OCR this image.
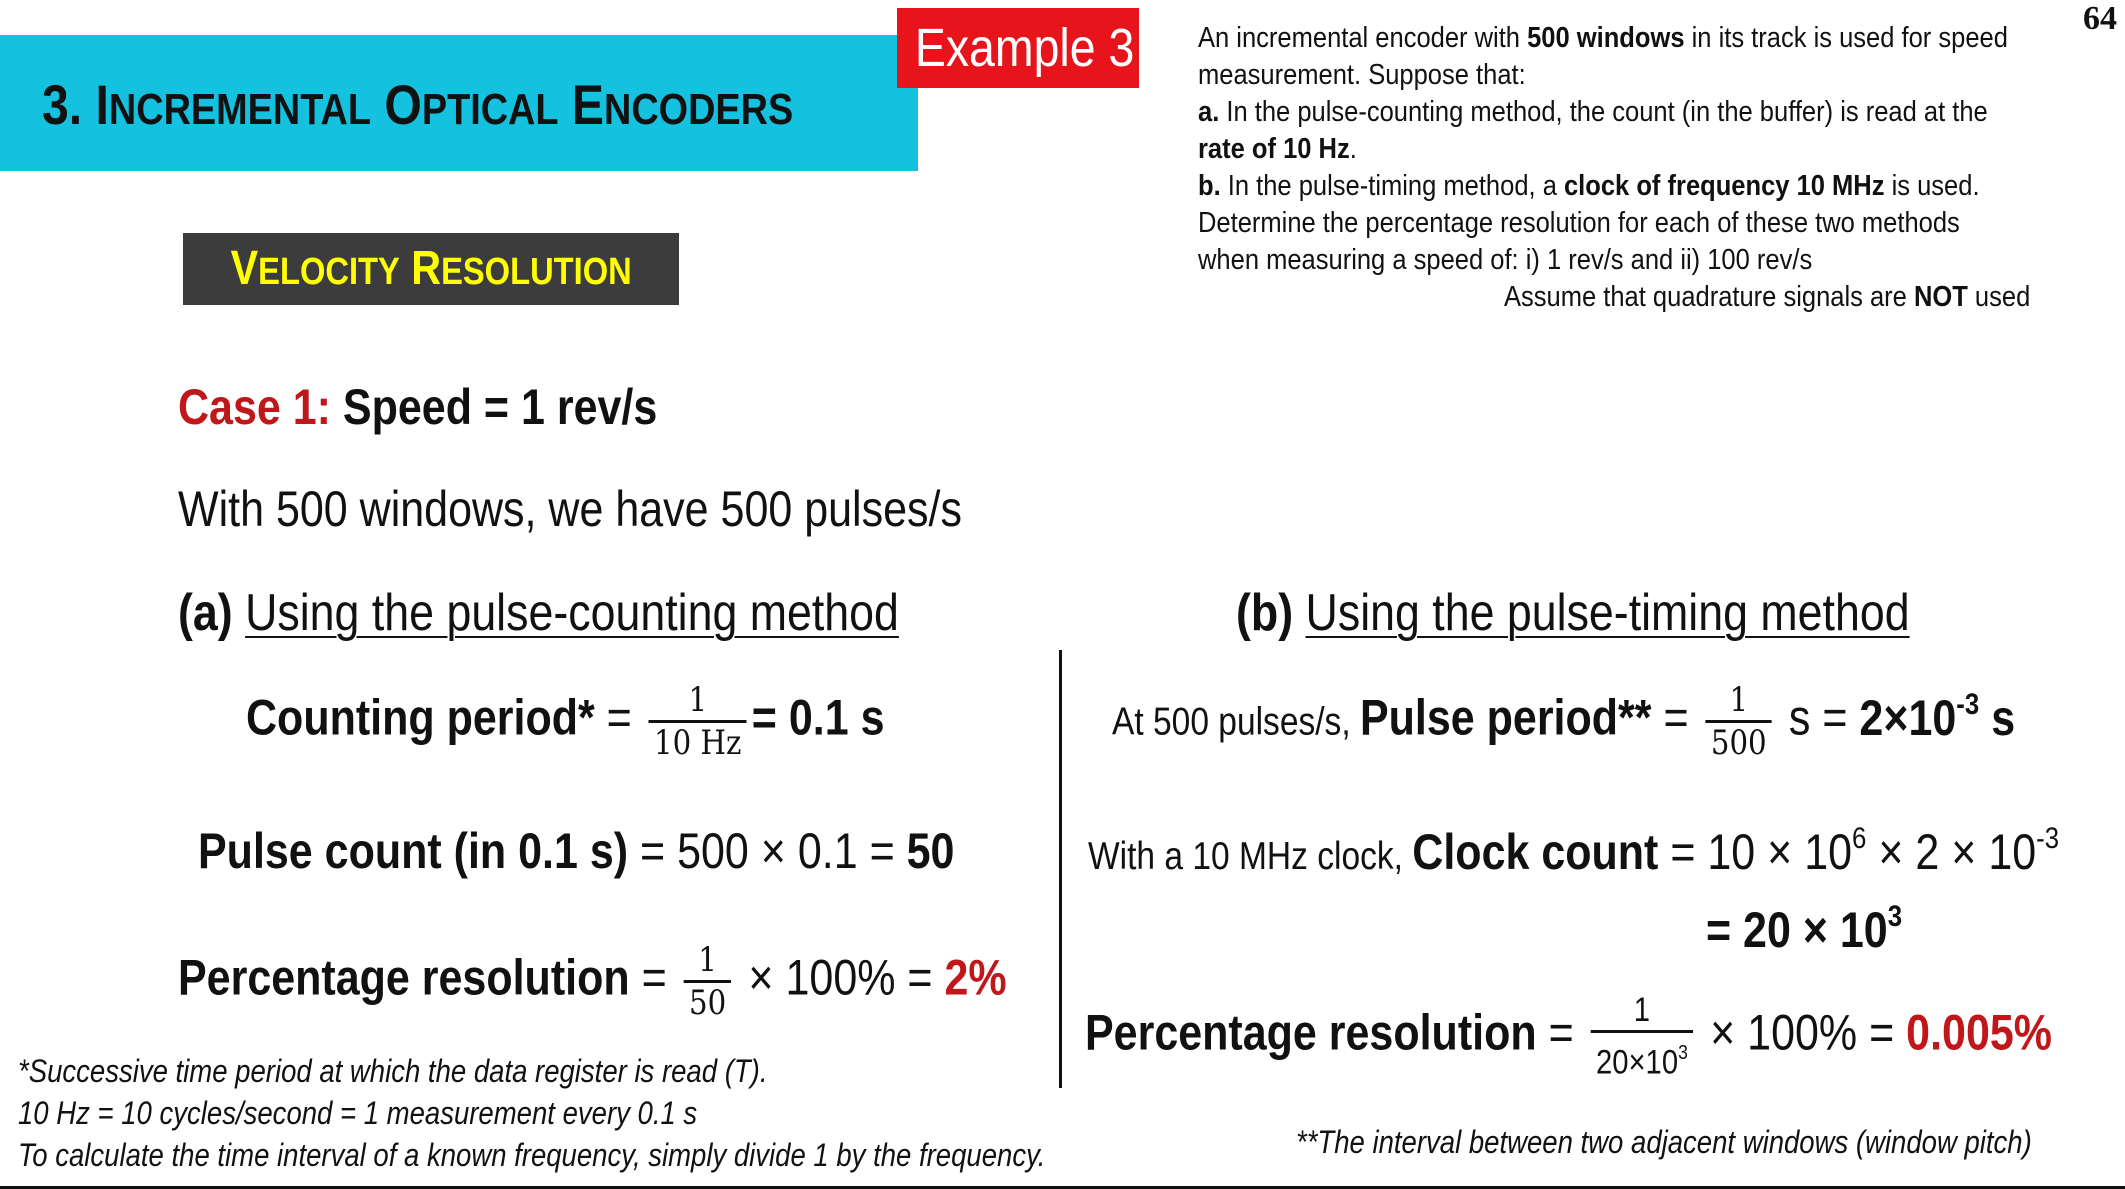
3. INCREMENTAL OPTICAL ENCODERS
Example 3	64
An incremental encoder with 500 windows in its track is used for speed
measurement. Suppose that:
a. In the pulse-counting method, the count (in the buffer) is read at the
rate of 10 Hz.
b. In the pulse-timing method, a clock of frequency 10 MHz is used.
Determine the percentage resolution for each of these two methods
when measuring a speed of: i) 1 rev/s and ii) 100 rev/s
Assume that quadrature signals are NOT used
VELOCITY RESOLUTION
Case 1: Speed = 1 rev/s
With 500 windows, we have 500 pulses/s
(a) Using the pulse-counting method	(b) Using the pulse-timing method
Counting period* = $\frac{1}{10 Hz} = 0.1$ s
Pulse count (in 0.1 s) = 500 × 0.1 = 50
Percentage resolution = $\frac{1}{50} \times 100\% = 2\%$
At 500 pulses/s, Pulse period** = $\frac{1}{500}$ $s = 2\times 10^{-3}$ s
With a 10 MHz clock, Clock count = $10 \times 10^6 \times 2 \times 10^{-3}$
= $20 \times 10^3$
Percentage resolution = $\frac{1}{20\times 10^3} \times 100\% = 0.005\%$
*Successive time period at which the data register is read (T).
10 Hz = 10 cycles/second = 1 measurement every 0.1 s
To calculate the time interval of a known frequency, simply divide 1 by the frequency.	**The interval between two adjacent windows (window pitch)
